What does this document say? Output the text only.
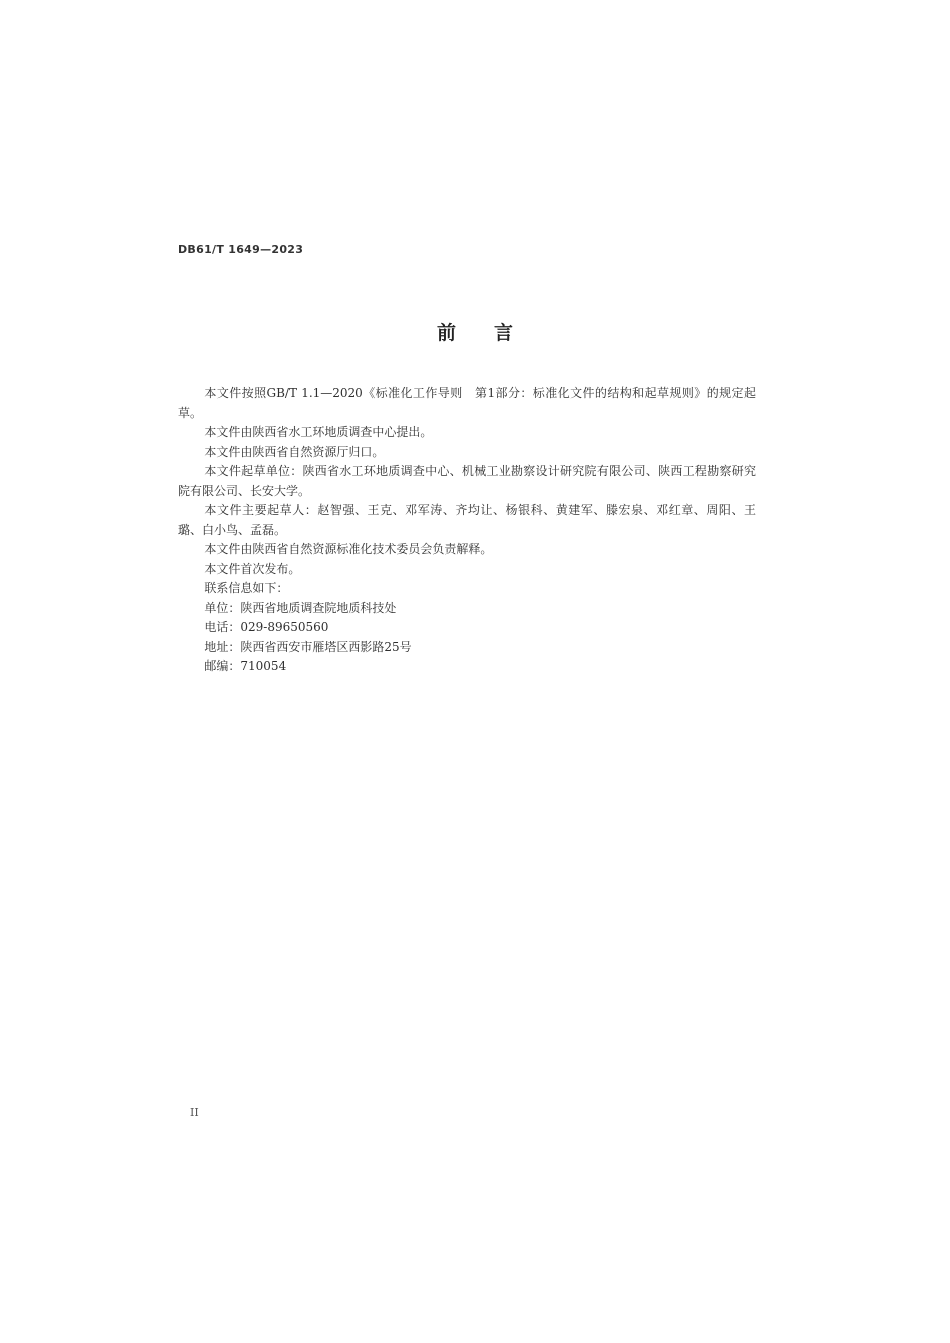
DB61/T 1649—2023
前　　言

本文件按照GB/T 1.1—2020《标准化工作导则　第1部分：标准化文件的结构和起草规则》的规定起草。

本文件由陕西省水工环地质调查中心提出。

本文件由陕西省自然资源厅归口。

本文件起草单位：陕西省水工环地质调查中心、机械工业勘察设计研究院有限公司、陕西工程勘察研究院有限公司、长安大学。

本文件主要起草人：赵智强、王克、邓军涛、齐均让、杨银科、黄建军、滕宏泉、邓红章、周阳、王璐、白小鸟、孟磊。

本文件由陕西省自然资源标准化技术委员会负责解释。

本文件首次发布。

联系信息如下：

单位：陕西省地质调查院地质科技处

电话：029-89650560

地址：陕西省西安市雁塔区西影路25号

邮编：710054

II
